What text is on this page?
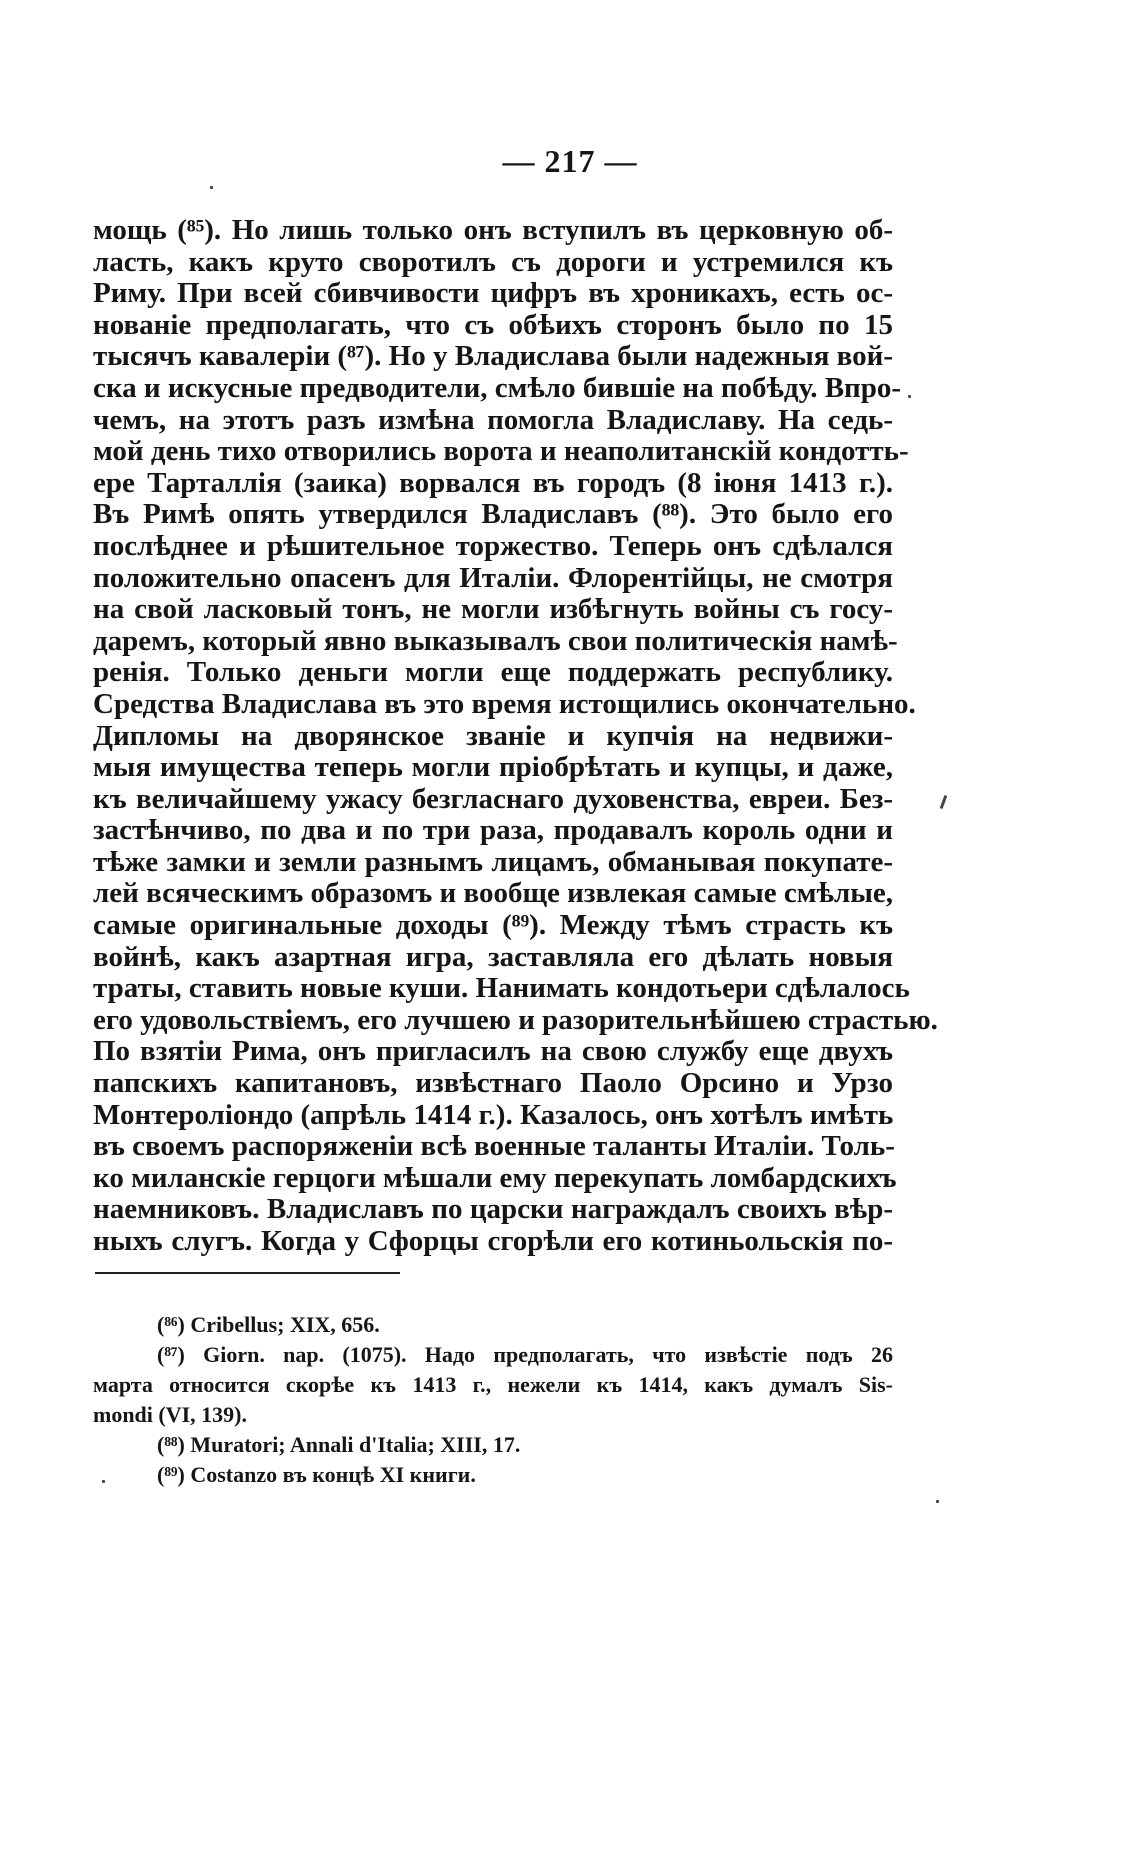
— 217 —
мощь (⁸⁵). Но лишь только онъ вступилъ въ церковную об-
ласть, какъ круто своротилъ съ дороги и устремился къ
Риму. При всей сбивчивости цифръ въ хроникахъ, есть ос-
нованіе предполагать, что съ обѣихъ сторонъ было по 15
тысячъ кавалеріи (⁸⁷). Но у Владислава были надежныя вой-
ска и искусные предводители, смѣло бившіе на побѣду. Впро-
чемъ, на этотъ разъ измѣна помогла Владиславу. На седь-
мой день тихо отворились ворота и неаполитанскій кондотть-
ере Тарталлія (заика) ворвался въ городъ (8 іюня 1413 г.).
Въ Римѣ опять утвердился Владиславъ (⁸⁸). Это было его
послѣднее и рѣшительное торжество. Теперь онъ сдѣлался
положительно опасенъ для Италіи. Флорентійцы, не смотря
на свой ласковый тонъ, не могли избѣгнуть войны съ госу-
даремъ, который явно выказывалъ свои политическія намѣ-
ренія. Только деньги могли еще поддержать республику.
Средства Владислава въ это время истощились окончательно.
Дипломы на дворянское званіе и купчія на недвижи-
мыя имущества теперь могли пріобрѣтать и купцы, и даже,
къ величайшему ужасу безгласнаго духовенства, евреи. Без-
застѣнчиво, по два и по три раза, продавалъ король одни и
тѣже замки и земли разнымъ лицамъ, обманывая покупате-
лей всяческимъ образомъ и вообще извлекая самые смѣлые,
самые оригинальные доходы (⁸⁹). Между тѣмъ страсть къ
войнѣ, какъ азартная игра, заставляла его дѣлать новыя
траты, ставить новые куши. Нанимать кондотьери сдѣлалось
его удовольствіемъ, его лучшею и разорительнѣйшею страстью.
По взятіи Рима, онъ пригласилъ на свою службу еще двухъ
папскихъ капитановъ, извѣстнаго Паоло Орсино и Урзо
Монтероліондо (апрѣль 1414 г.). Казалось, онъ хотѣлъ имѣть
въ своемъ распоряженіи всѣ военные таланты Италіи. Толь-
ко миланскіе герцоги мѣшали ему перекупать ломбардскихъ
наемниковъ. Владиславъ по царски награждалъ своихъ вѣр-
ныхъ слугъ. Когда у Сфорцы сгорѣли его котиньольскія по-
(⁸⁶) Cribellus; XIX, 656.
(⁸⁷) Giorn. nap. (1075). Надо предполагать, что извѣстіе подъ 26
марта относится скорѣе къ 1413 г., нежели къ 1414, какъ думалъ Sis-
mondi (VI, 139).
(⁸⁸) Muratori; Annali d'Italia; XIII, 17.
(⁸⁹) Costanzo въ концѣ XI книги.
